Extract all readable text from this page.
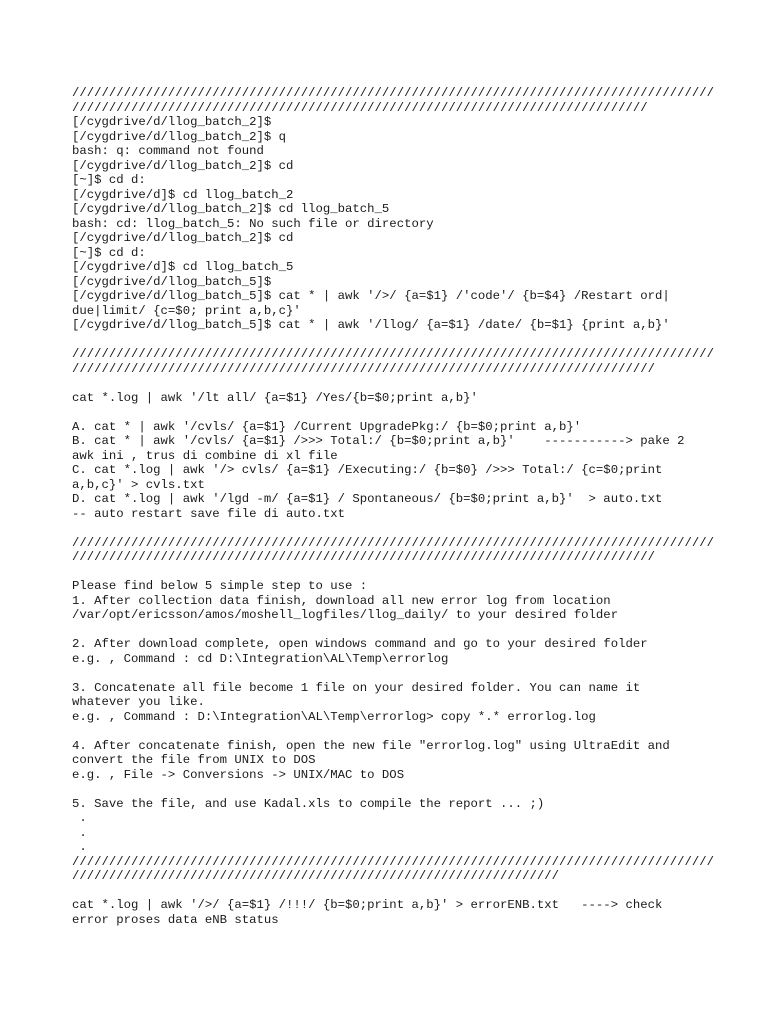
///////////////////////////////////////////////////////////////////////////////////////
//////////////////////////////////////////////////////////////////////////////
[/cygdrive/d/llog_batch_2]$
[/cygdrive/d/llog_batch_2]$ q
bash: q: command not found
[/cygdrive/d/llog_batch_2]$ cd
[~]$ cd d:
[/cygdrive/d]$ cd llog_batch_2
[/cygdrive/d/llog_batch_2]$ cd llog_batch_5
bash: cd: llog_batch_5: No such file or directory
[/cygdrive/d/llog_batch_2]$ cd
[~]$ cd d:
[/cygdrive/d]$ cd llog_batch_5
[/cygdrive/d/llog_batch_5]$
[/cygdrive/d/llog_batch_5]$ cat * | awk '/>/ {a=$1} /'code'/ {b=$4} /Restart ord|
due|limit/ {c=$0; print a,b,c}'
[/cygdrive/d/llog_batch_5]$ cat * | awk '/llog/ {a=$1} /date/ {b=$1} {print a,b}'
///////////////////////////////////////////////////////////////////////////////////////
///////////////////////////////////////////////////////////////////////////////
cat *.log | awk '/lt all/ {a=$1} /Yes/{b=$0;print a,b}'
A. cat * | awk '/cvls/ {a=$1} /Current UpgradePkg:/ {b=$0;print a,b}'
B. cat * | awk '/cvls/ {a=$1} />>> Total:/ {b=$0;print a,b}'    -----------> pake 2
awk ini , trus di combine di xl file
C. cat *.log | awk '/> cvls/ {a=$1} /Executing:/ {b=$0} />>> Total:/ {c=$0;print
a,b,c}' > cvls.txt
D. cat *.log | awk '/lgd -m/ {a=$1} / Spontaneous/ {b=$0;print a,b}'  > auto.txt
-- auto restart save file di auto.txt
///////////////////////////////////////////////////////////////////////////////////////
///////////////////////////////////////////////////////////////////////////////
Please find below 5 simple step to use :
1. After collection data finish, download all new error log from location
/var/opt/ericsson/amos/moshell_logfiles/llog_daily/ to your desired folder
2. After download complete, open windows command and go to your desired folder
e.g. , Command : cd D:\Integration\AL\Temp\errorlog
3. Concatenate all file become 1 file on your desired folder. You can name it
whatever you like.
e.g. , Command : D:\Integration\AL\Temp\errorlog> copy *.* errorlog.log
4. After concatenate finish, open the new file "errorlog.log" using UltraEdit and
convert the file from UNIX to DOS
e.g. , File -> Conversions -> UNIX/MAC to DOS
5. Save the file, and use Kadal.xls to compile the report ... ;)
.
.
.
///////////////////////////////////////////////////////////////////////////////////////
//////////////////////////////////////////////////////////////////
cat *.log | awk '/>/ {a=$1} /!!!/ {b=$0;print a,b}' > errorENB.txt   ----> check
error proses data eNB status
